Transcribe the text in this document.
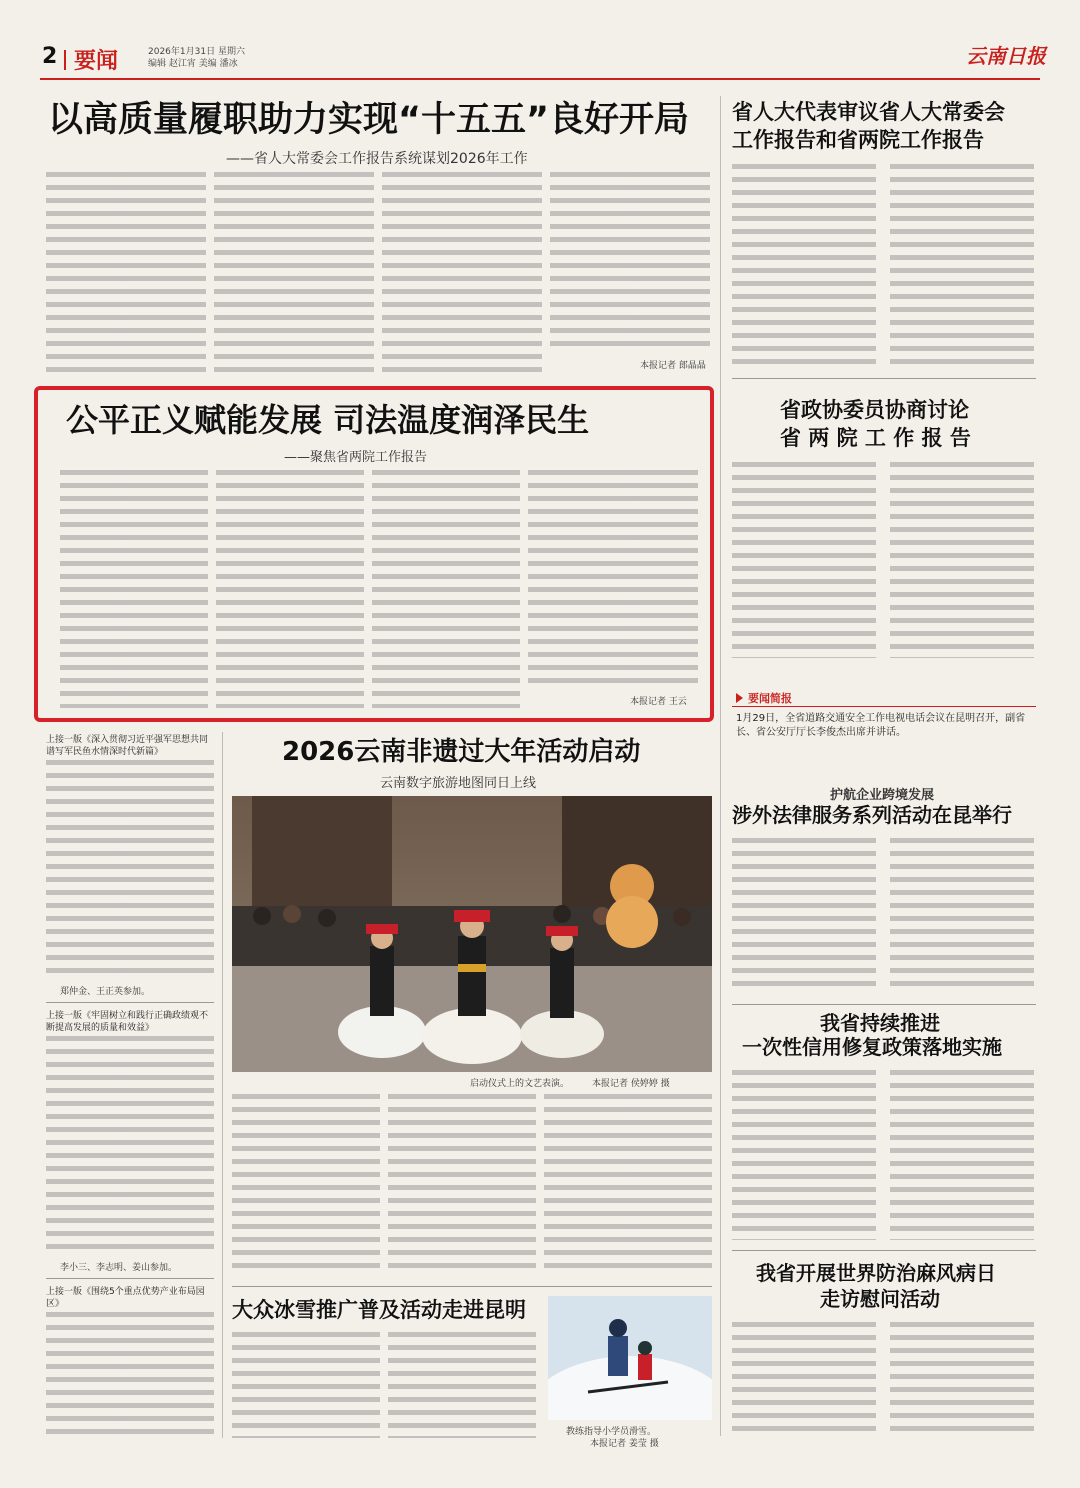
2 要闻	2026年1月31日 星期六
编辑 赵江宵 美编 潘冰	云南日报
以高质量履职助力实现“十五五”良好开局
——省人大常委会工作报告系统谋划2026年工作
本报记者 郎晶晶
省人大代表审议省人大常委会
工作报告和省两院工作报告
公平正义赋能发展 司法温度润泽民生
——聚焦省两院工作报告
本报记者 王云
省政协委员协商讨论
省 两 院 工 作 报 告
要闻简报
1月29日，全省道路交通安全工作电视电话会议在昆明召开，副省长、省公安厅厅长李俊杰出席并讲话。
上接一版《深入贯彻习近平强军思想共同谱写军民鱼水情深时代新篇》
郑仲金、王正英参加。
上接一版《牢固树立和践行正确政绩观不断提高发展的质量和效益》
李小三、李志明、姜山参加。
上接一版《围绕5个重点优势产业布局园区》
2026云南非遗过大年活动启动
云南数字旅游地图同日上线
启动仪式上的文艺表演。	本报记者 侯婷婷 摄
大众冰雪推广普及活动走进昆明
教练指导小学员滑雪。
本报记者 姜莹 摄
护航企业跨境发展
涉外法律服务系列活动在昆举行
我省持续推进
一次性信用修复政策落地实施
我省开展世界防治麻风病日
走访慰问活动
